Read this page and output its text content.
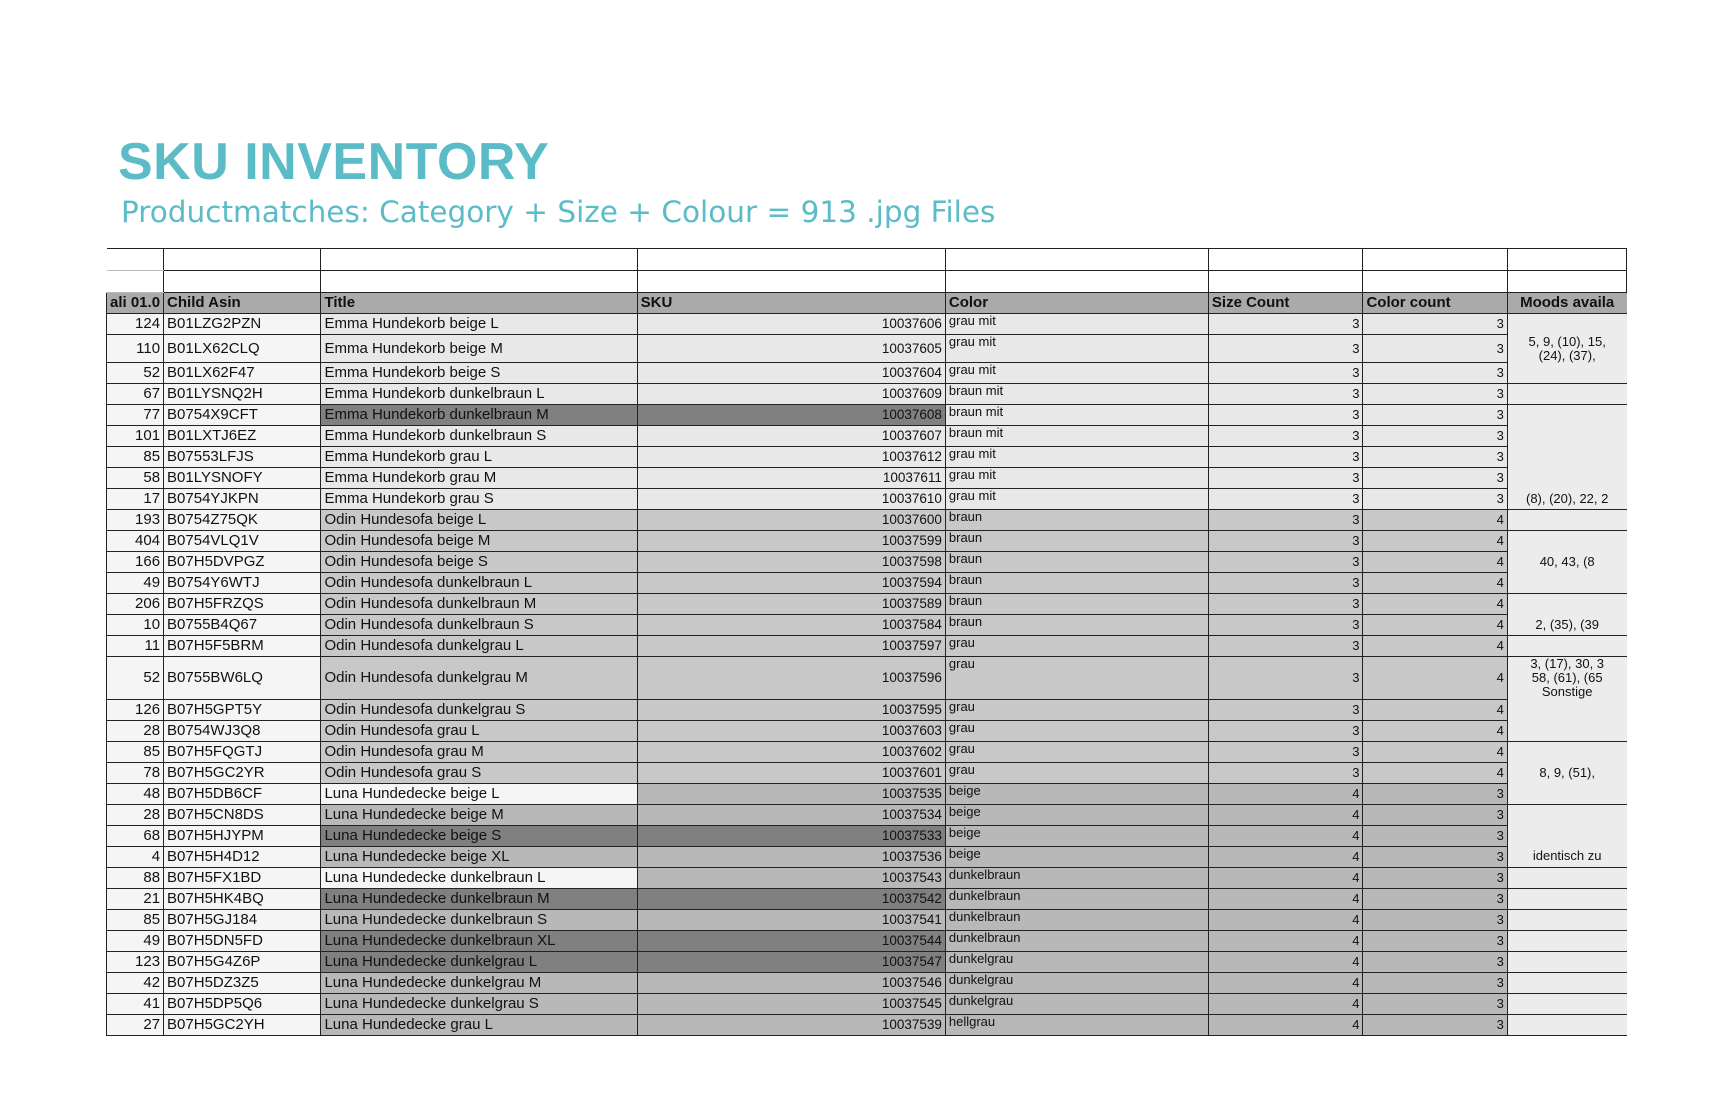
SKU INVENTORY
Productmatches: Category + Size + Colour = 913 .jpg Files

ali 01.0	Child Asin	Title	SKU	Color	Size Count	Color count	Moods availa
124	B01LZG2PZN	Emma Hundekorb beige L	10037606	grau mit	3	3	
110	B01LX62CLQ	Emma Hundekorb beige M	10037605	grau mit	3	3	5, 9, (10), 15,
(24), (37),

52	B01LX62F47	Emma Hundekorb beige S	10037604	grau mit	3	3	
67	B01LYSNQ2H	Emma Hundekorb dunkelbraun L	10037609	braun mit	3	3	
77	B0754X9CFT	Emma Hundekorb dunkelbraun M	10037608	braun mit	3	3	
101	B01LXTJ6EZ	Emma Hundekorb dunkelbraun S	10037607	braun mit	3	3	
85	B07553LFJS	Emma Hundekorb grau L	10037612	grau mit	3	3	
58	B01LYSNOFY	Emma Hundekorb grau M	10037611	grau mit	3	3	
17	B0754YJKPN	Emma Hundekorb grau S	10037610	grau mit	3	3	(8), (20), 22, 2

193	B0754Z75QK	Odin Hundesofa beige L	10037600	braun	3	4	
404	B0754VLQ1V	Odin Hundesofa beige M	10037599	braun	3	4	
166	B07H5DVPGZ	Odin Hundesofa beige S	10037598	braun	3	4	40, 43, (8

49	B0754Y6WTJ	Odin Hundesofa dunkelbraun L	10037594	braun	3	4	
206	B07H5FRZQS	Odin Hundesofa dunkelbraun M	10037589	braun	3	4	
10	B0755B4Q67	Odin Hundesofa dunkelbraun S	10037584	braun	3	4	2, (35), (39

11	B07H5F5BRM	Odin Hundesofa dunkelgrau L	10037597	grau	3	4	
52	B0755BW6LQ	Odin Hundesofa dunkelgrau M	10037596	grau	3	4	3, (17), 30, 3
58, (61), (65
Sonstige

126	B07H5GPT5Y	Odin Hundesofa dunkelgrau S	10037595	grau	3	4	
28	B0754WJ3Q8	Odin Hundesofa grau L	10037603	grau	3	4	
85	B07H5FQGTJ	Odin Hundesofa grau M	10037602	grau	3	4	
78	B07H5GC2YR	Odin Hundesofa grau S	10037601	grau	3	4	8, 9, (51),

48	B07H5DB6CF	Luna Hundedecke beige L	10037535	beige	4	3	
28	B07H5CN8DS	Luna Hundedecke beige M	10037534	beige	4	3	
68	B07H5HJYPM	Luna Hundedecke beige S	10037533	beige	4	3	
4	B07H5H4D12	Luna Hundedecke beige XL	10037536	beige	4	3	identisch zu

88	B07H5FX1BD	Luna Hundedecke dunkelbraun L	10037543	dunkelbraun	4	3	
21	B07H5HK4BQ	Luna Hundedecke dunkelbraun M	10037542	dunkelbraun	4	3	
85	B07H5GJ184	Luna Hundedecke dunkelbraun S	10037541	dunkelbraun	4	3	
49	B07H5DN5FD	Luna Hundedecke dunkelbraun XL	10037544	dunkelbraun	4	3	
123	B07H5G4Z6P	Luna Hundedecke dunkelgrau L	10037547	dunkelgrau	4	3	
42	B07H5DZ3Z5	Luna Hundedecke dunkelgrau M	10037546	dunkelgrau	4	3	
41	B07H5DP5Q6	Luna Hundedecke dunkelgrau S	10037545	dunkelgrau	4	3	
27	B07H5GC2YH	Luna Hundedecke grau L	10037539	hellgrau	4	3	
